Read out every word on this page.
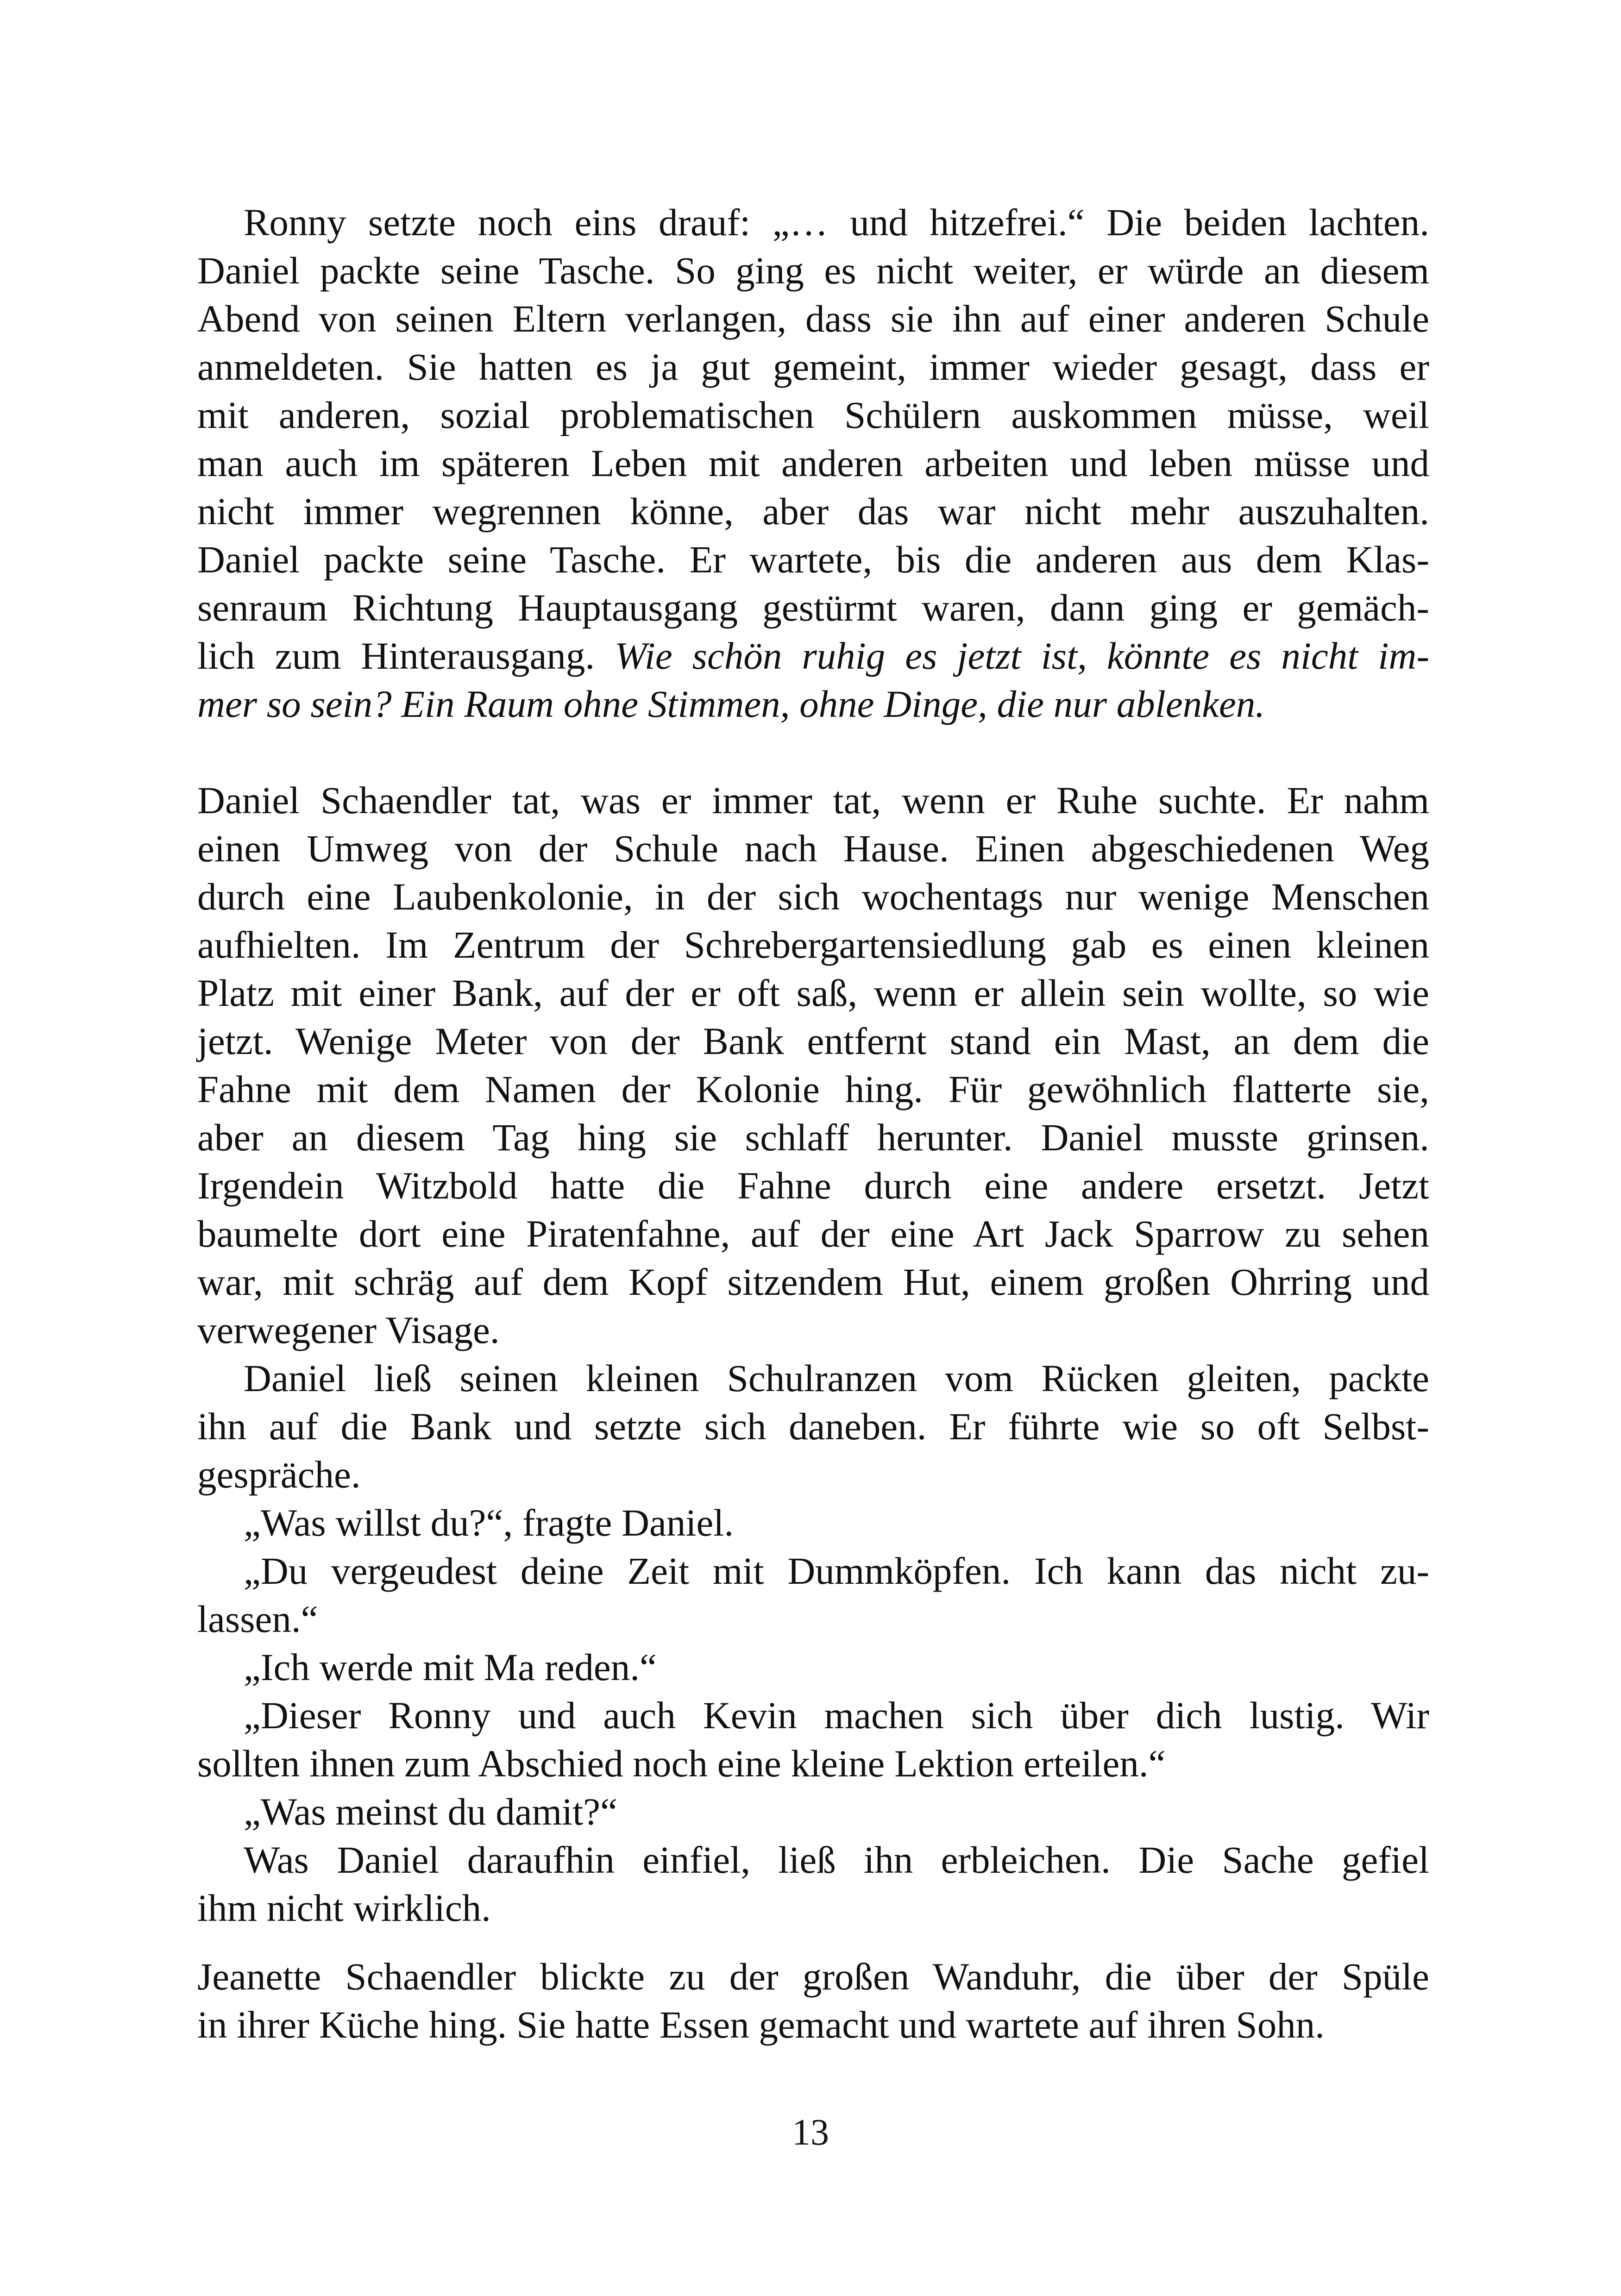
Ronny setzte noch eins drauf: „… und hitzefrei.“ Die beiden lachten.
Daniel packte seine Tasche. So ging es nicht weiter, er würde an diesem
Abend von seinen Eltern verlangen, dass sie ihn auf einer anderen Schule
anmeldeten. Sie hatten es ja gut gemeint, immer wieder gesagt, dass er
mit anderen, sozial problematischen Schülern auskommen müsse, weil
man auch im späteren Leben mit anderen arbeiten und leben müsse und
nicht immer wegrennen könne, aber das war nicht mehr auszuhalten.
Daniel packte seine Tasche. Er wartete, bis die anderen aus dem Klas-
senraum Richtung Hauptausgang gestürmt waren, dann ging er gemäch-
lich zum Hinterausgang. Wie schön ruhig es jetzt ist, könnte es nicht im-
mer so sein? Ein Raum ohne Stimmen, ohne Dinge, die nur ablenken.
Daniel Schaendler tat, was er immer tat, wenn er Ruhe suchte. Er nahm
einen Umweg von der Schule nach Hause. Einen abgeschiedenen Weg
durch eine Laubenkolonie, in der sich wochentags nur wenige Menschen
aufhielten. Im Zentrum der Schrebergartensiedlung gab es einen kleinen
Platz mit einer Bank, auf der er oft saß, wenn er allein sein wollte, so wie
jetzt. Wenige Meter von der Bank entfernt stand ein Mast, an dem die
Fahne mit dem Namen der Kolonie hing. Für gewöhnlich flatterte sie,
aber an diesem Tag hing sie schlaff herunter. Daniel musste grinsen.
Irgendein Witzbold hatte die Fahne durch eine andere ersetzt. Jetzt
baumelte dort eine Piratenfahne, auf der eine Art Jack Sparrow zu sehen
war, mit schräg auf dem Kopf sitzendem Hut, einem großen Ohrring und
verwegener Visage.
Daniel ließ seinen kleinen Schulranzen vom Rücken gleiten, packte
ihn auf die Bank und setzte sich daneben. Er führte wie so oft Selbst-
gespräche.
„Was willst du?“, fragte Daniel.
„Du vergeudest deine Zeit mit Dummköpfen. Ich kann das nicht zu-
lassen.“
„Ich werde mit Ma reden.“
„Dieser Ronny und auch Kevin machen sich über dich lustig. Wir
sollten ihnen zum Abschied noch eine kleine Lektion erteilen.“
„Was meinst du damit?“
Was Daniel daraufhin einfiel, ließ ihn erbleichen. Die Sache gefiel
ihm nicht wirklich.
Jeanette Schaendler blickte zu der großen Wanduhr, die über der Spüle
in ihrer Küche hing. Sie hatte Essen gemacht und wartete auf ihren Sohn.
13
